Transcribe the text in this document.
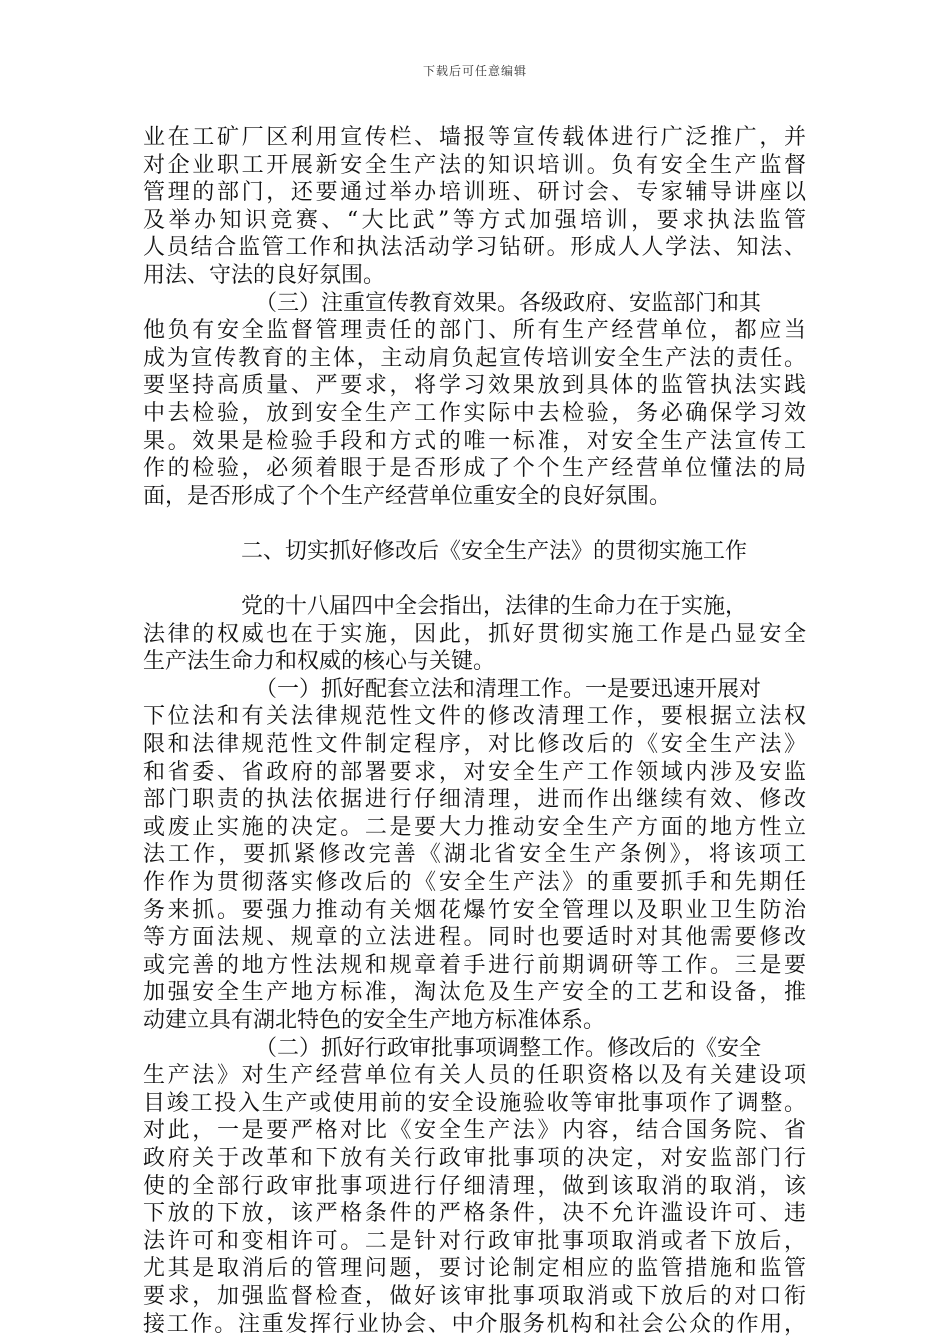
下载后可任意编辑
业在工矿厂区利用宣传栏、墙报等宣传载体进行广泛推广，并
对企业职工开展新安全生产法的知识培训。负有安全生产监督
管理的部门，还要通过举办培训班、研讨会、专家辅导讲座以
及举办知识竞赛、“大比武”等方式加强培训，要求执法监管
人员结合监管工作和执法活动学习钻研。形成人人学法、知法、
用法、守法的良好氛围。
（三）注重宣传教育效果。各级政府、安监部门和其
他负有安全监督管理责任的部门、所有生产经营单位，都应当
成为宣传教育的主体，主动肩负起宣传培训安全生产法的责任。
要坚持高质量、严要求，将学习效果放到具体的监管执法实践
中去检验，放到安全生产工作实际中去检验，务必确保学习效
果。效果是检验手段和方式的唯一标准，对安全生产法宣传工
作的检验，必须着眼于是否形成了个个生产经营单位懂法的局
面，是否形成了个个生产经营单位重安全的良好氛围。
二、切实抓好修改后《安全生产法》的贯彻实施工作
党的十八届四中全会指出，法律的生命力在于实施，
法律的权威也在于实施，因此，抓好贯彻实施工作是凸显安全
生产法生命力和权威的核心与关键。
（一）抓好配套立法和清理工作。一是要迅速开展对
下位法和有关法律规范性文件的修改清理工作，要根据立法权
限和法律规范性文件制定程序，对比修改后的《安全生产法》
和省委、省政府的部署要求，对安全生产工作领域内涉及安监
部门职责的执法依据进行仔细清理，进而作出继续有效、修改
或废止实施的决定。二是要大力推动安全生产方面的地方性立
法工作，要抓紧修改完善《湖北省安全生产条例》，将该项工
作作为贯彻落实修改后的《安全生产法》的重要抓手和先期任
务来抓。要强力推动有关烟花爆竹安全管理以及职业卫生防治
等方面法规、规章的立法进程。同时也要适时对其他需要修改
或完善的地方性法规和规章着手进行前期调研等工作。三是要
加强安全生产地方标准，淘汰危及生产安全的工艺和设备，推
动建立具有湖北特色的安全生产地方标准体系。
（二）抓好行政审批事项调整工作。修改后的《安全
生产法》对生产经营单位有关人员的任职资格以及有关建设项
目竣工投入生产或使用前的安全设施验收等审批事项作了调整。
对此，一是要严格对比《安全生产法》内容，结合国务院、省
政府关于改革和下放有关行政审批事项的决定，对安监部门行
使的全部行政审批事项进行仔细清理，做到该取消的取消，该
下放的下放，该严格条件的严格条件，决不允许滥设许可、违
法许可和变相许可。二是针对行政审批事项取消或者下放后，
尤其是取消后的管理问题，要讨论制定相应的监管措施和监管
要求，加强监督检查，做好该审批事项取消或下放后的对口衔
接工作。注重发挥行业协会、中介服务机构和社会公众的作用，
